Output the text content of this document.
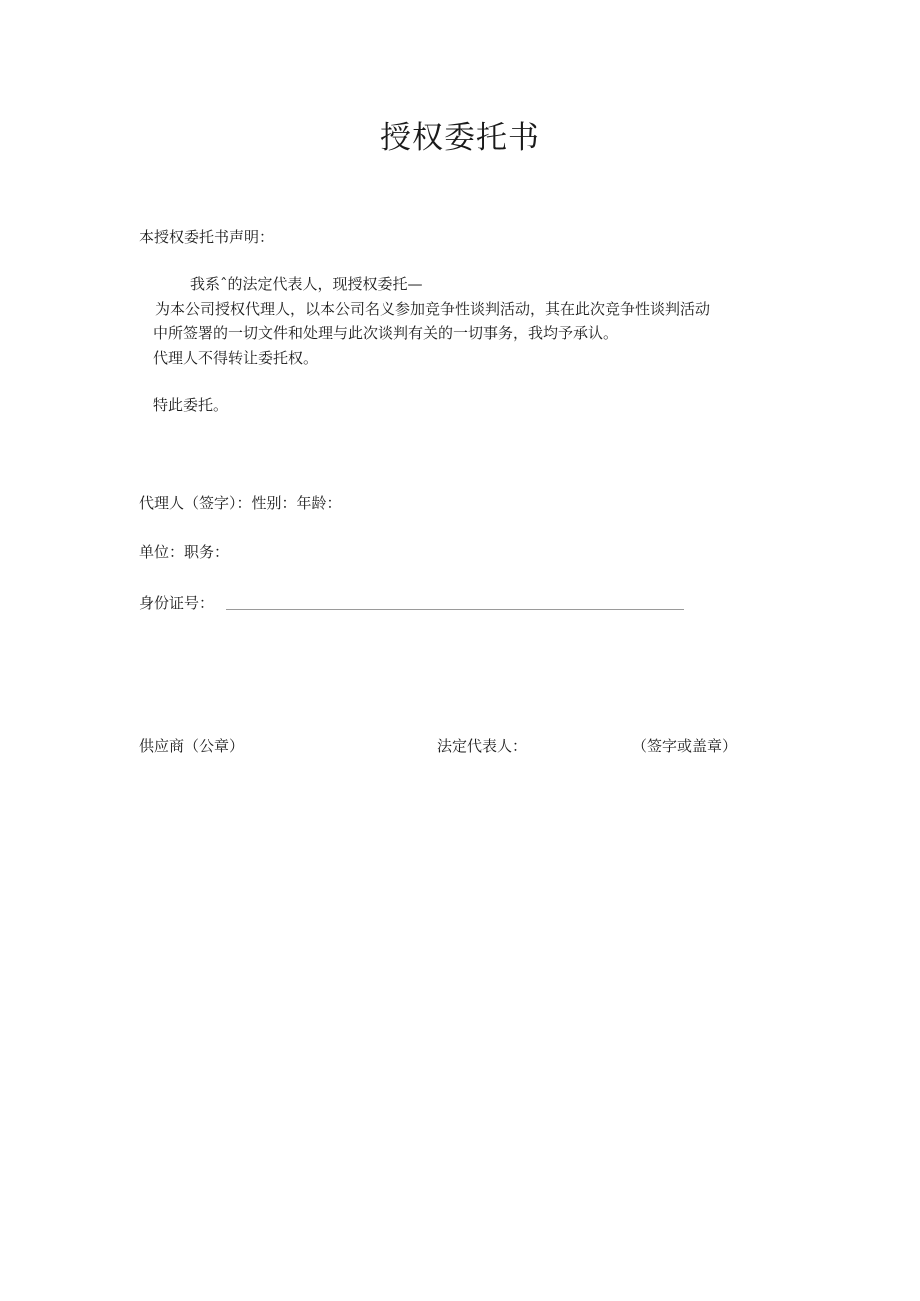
授权委托书

本授权委托书声明：

我系ˆ的法定代表人，现授权委托—

为本公司授权代理人，以本公司名义参加竞争性谈判活动，其在此次竞争性谈判活动

中所签署的一切文件和处理与此次谈判有关的一切事务，我均予承认。

代理人不得转让委托权。

特此委托。

代理人（签字）：性别：年龄：

单位：职务：

身份证号：

供应商（公章）	法定代表人：	（签字或盖章）
